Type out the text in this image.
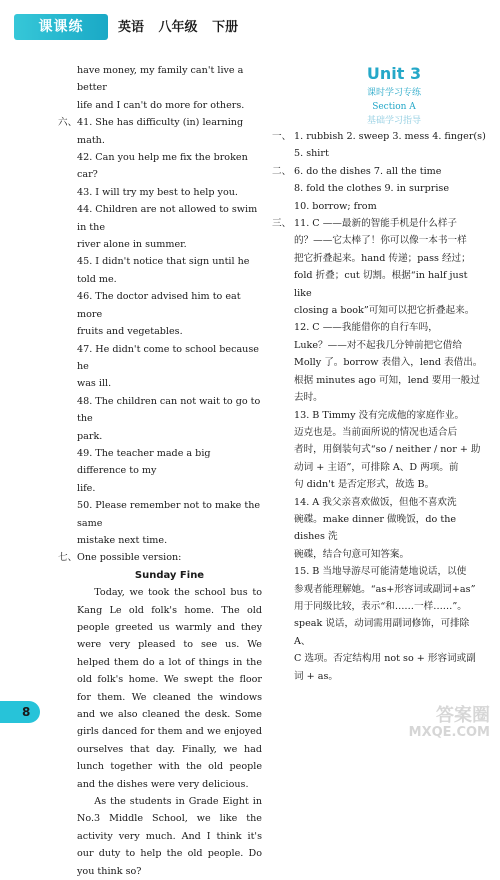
课课练	英语 八年级 下册
have money, my family can't live a better
life and I can't do more for others.
六、 41. She has difficulty (in) learning math.
42. Can you help me fix the broken car?
43. I will try my best to help you.
44. Children are not allowed to swim in the
river alone in summer.
45. I didn't notice that sign until he told me.
46. The doctor advised him to eat more
fruits and vegetables.
47. He didn't come to school because he
was ill.
48. The children can not wait to go to the
park.
49. The teacher made a big difference to my
life.
50. Please remember not to make the same
mistake next time.
七、 One possible version:
Sunday Fine

Today, we took the school bus to Kang Le old folk's home. The old people greeted us warmly and they were very pleased to see us. We helped them do a lot of things in the old folk's home. We swept the floor for them. We cleaned the windows and we also cleaned the desk. Some girls danced for them and we enjoyed ourselves that day. Finally, we had lunch together with the old people and the dishes were very delicious.

As the students in Grade Eight in No.3 Middle School, we like the activity very much. And I think it's our duty to help the old people. Do you think so?

Unit 3
课时学习专练
Section A
基础学习指导
一、 1. rubbish 2. sweep 3. mess 4. finger(s)
5. shirt
二、 6. do the dishes 7. all the time
8. fold the clothes 9. in surprise
10. borrow; from
三、 11. C ——最新的智能手机是什么样子
的？——它太棒了！你可以像一本书一样
把它折叠起来。hand 传递；pass 经过；
fold 折叠；cut 切割。根据“in half just like
closing a book”可知可以把它折叠起来。
12. C ——我能借你的自行车吗，
Luke？——对不起我几分钟前把它借给
Molly 了。borrow 表借入，lend 表借出。
根据 minutes ago 可知，lend 要用一般过
去时。
13. B Timmy 没有完成他的家庭作业。
迈克也是。当前面所说的情况也适合后
者时，用倒装句式“so / neither / nor + 助
动词 + 主语”，可排除 A、D 两项。前
句 didn't 是否定形式，故选 B。
14. A 我父亲喜欢做饭，但他不喜欢洗
碗碟。make dinner 做晚饭，do the dishes 洗
碗碟，结合句意可知答案。
15. B 当地导游尽可能清楚地说话，以使
参观者能理解她。“as+形容词或副词+as”
用于同级比较，表示“和……一样……”。
speak 说话，动词需用副词修饰，可排除 A、
C 选项。否定结构用 not so + 形容词或副
词 + as。
8	答案圈
MXQE.COM
